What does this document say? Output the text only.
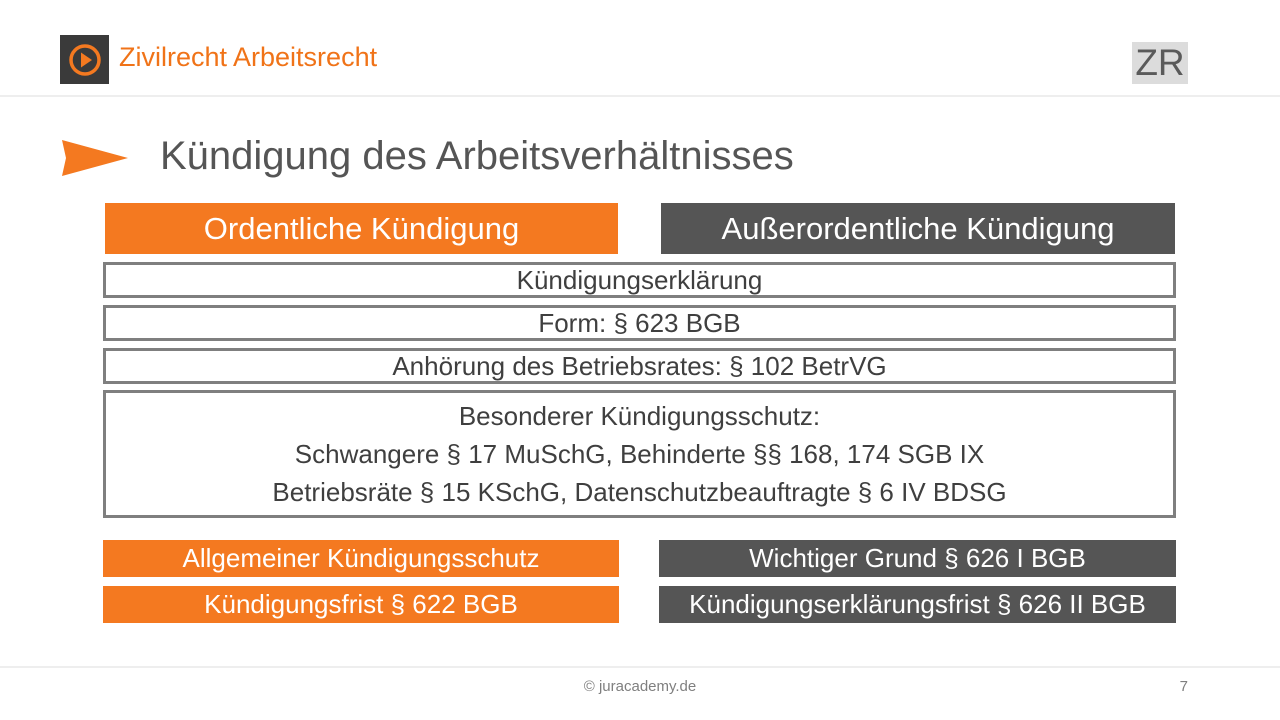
Zivilrecht Arbeitsrecht	ZR
Kündigung des Arbeitsverhältnisses
Ordentliche Kündigung	Außerordentliche Kündigung
Kündigungserklärung
Form: § 623 BGB
Anhörung des Betriebsrates: § 102 BetrVG
Besonderer Kündigungsschutz:
Schwangere § 17 MuSchG, Behinderte §§ 168, 174 SGB IX
Betriebsräte § 15 KSchG, Datenschutzbeauftragte § 6 IV BDSG
Allgemeiner Kündigungsschutz
Kündigungsfrist § 622 BGB
Wichtiger Grund § 626 I BGB
Kündigungserklärungsfrist § 626 II BGB
© juracademy.de	7
